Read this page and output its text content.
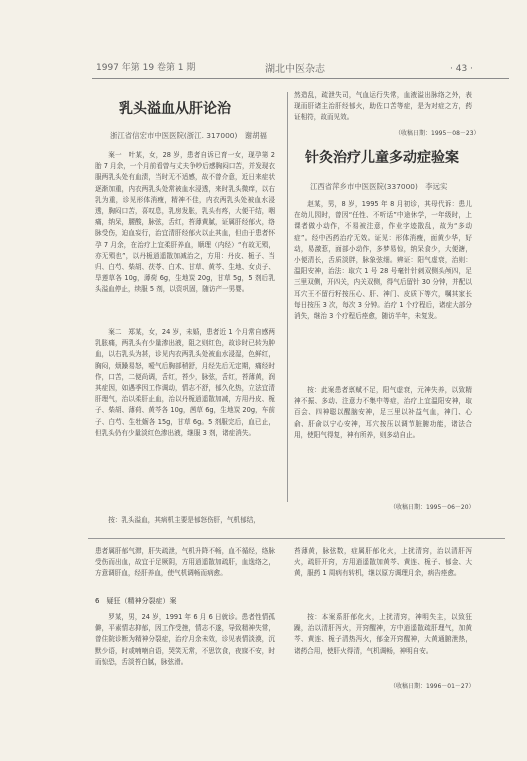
1997 年第 19 卷第 1 期	湖北中医杂志	· 43 ·
乳头溢血从肝论治
浙江省信宏市中医医院(浙江. 317000)　谢胡福

案一　叶某，女，28 岁，患者自诉已育一女，现孕第 2 胎 7 月余，一个月前看曾与丈夫争吵后感胸闷口苦，并发现衣服两乳头处有血渍，当时无不适感，故不曾介意，近日来症状逐渐加重，内衣两乳头处常被血水浸透，来时乳头微痒，以右乳为重，诊见形体消瘦，精神不佳，内衣两乳头处被血水浸透，胸闷口苦，喜叹息，乳房发胀，乳头有疼，大便干结，咽痛，纳呆，腰酸，脉弦，舌红，苔薄黄腻，证属肝经郁火，络脉受伤，迫血妄行，治宜清肝经郁火以止其血，但由于患者怀孕 7 月余，在治疗上宜柔肝养血，顺理（内经）“有故无殒，亦无殒也”，以丹栀逍遥散加减治之，方用：丹皮、栀子、当归、白芍、柴胡、茯苓、白术、甘草、黄芩、生地、女贞子、旱莲草各 10g，薄荷 6g，生地炭 20g，甘草 5g，5 剂后乳头溢血停止，续服 5 剂，以资巩固，随访产一男婴。

案二　郑某，女，24 岁，未婚，患者近 1 个月常自感两乳胀痛，两乳头有少量渗出液，阻之则红色，故诊时已转为肿血，以右乳头为甚，诊见内衣两乳头处被血水浸湿，色鲜红，胸闷，烦躁易怒，嗳气后胸部稍舒，月经先后无定期，痛经时作，口苦，二便尚调，舌红，苔少，脉弦，舌红，苔薄黄，润其症因，如遇季因工作调动，情志不舒，郁久化热，立法宜清肝理气，治以柔肝止血，治以丹栀逍遥散加减，方用丹皮、栀子、柴胡、薄荷、黄芩各 10g，茜草 6g，生地炭 20g，车前子、白芍、生牡蛎各 15g，甘草 6g。5 剂服完后，血已止，但乳头仍有少量淡红色渗出液，继服 3 剂，诸症消失。

按：乳头溢血，其病机主要是郁怒伤肝，气机郁结，

然造乱，疏泄失司，气血运行失常，血液溢出脉络之外，表现而肝诸主治肝经郁火，助佐口苦等症，是为对症之方，药证相符，故而见效。

（收稿日期：1995－08－23）
针灸治疗儿童多动症验案
江西省萍乡市中医医院(337000)　李远实

赵某，男，8 岁，1995 年 8 月初诊，其母代诉：患儿在幼儿园时，曾因“任性、不听话”中途休学，一年级时，上课者做小动作，不易被注意，作业字迹散乱，故为“多动症”。经中西药治疗无效。证见：形体消瘦，面黄少华，好动，易激惹，面部小动作，多梦易惊，纳呆食少，大便溏，小便清长，舌质淡胖，脉象弦细。辨证：阳气虚衰，治则：温阳安神，治法：取穴 1 号 28 号毫针针刺双侧头颅四，足三里双侧，开四关，内关双侧，得气后留针 30 分钟，并配以耳穴王不留行籽按压心、肝、神门、皮质下等穴，嘱其家长每日按压 3 次，每次 3 分钟。治疗 1 个疗程后，诸症大部分消失，继治 3 个疗程后痊愈，随访半年，未复发。

按：此案患者禀赋不足，阳气虚衰，元神失养，以致精神不振、多动、注意力不集中等症，治疗上宜温阳安神，取百会、四神聪以醒脑安神，足三里以补益气血，神门、心俞、肝俞以宁心安神，耳穴按压以调节脏腑功能，诸法合用，使阳气得复，神有所养，则多动自止。

（收稿日期：1995－06－20）

患者属肝郁气滞，肝失疏泄，气机升降不畅，血不循经，络脉受伤而出血，故宜于足厥阴，方用逍遥散加疏肝，血逸络之，方意调肝血，经肝养血，使气机调畅而病愈。

6　疑狂（精神分裂症）案

罗某，男，24 岁，1991 年 6 月 6 日就诊。患者性情孤僻，平素情志抑郁，因工作受挫，情志不遂，导致精神失常，曾住院诊断为精神分裂症，治疗月余未效，诊见表情淡漠，沉默少语，时或喃喃自语，哭笑无常，不思饮食，夜寐不安，时而惊恐，舌淡苔白腻，脉弦滑。

苔薄黄，脉弦数，症属肝郁化火，上扰清窍，治以清肝泻火，疏肝开窍，方用逍遥散加黄芩、黄连、栀子、郁金、大黄，服药 1 周病有转机，继以原方调理月余，病告痊愈。

按：本案系肝郁化火，上扰清窍，神明失主，以致狂躁，治以清肝泻火，开窍醒神，方中逍遥散疏肝理气，加黄芩、黄连、栀子清热泻火，郁金开窍醒神，大黄通腑泄热，诸药合用，使肝火得清，气机调畅，神明自安。

（收稿日期：1996－01－27）
